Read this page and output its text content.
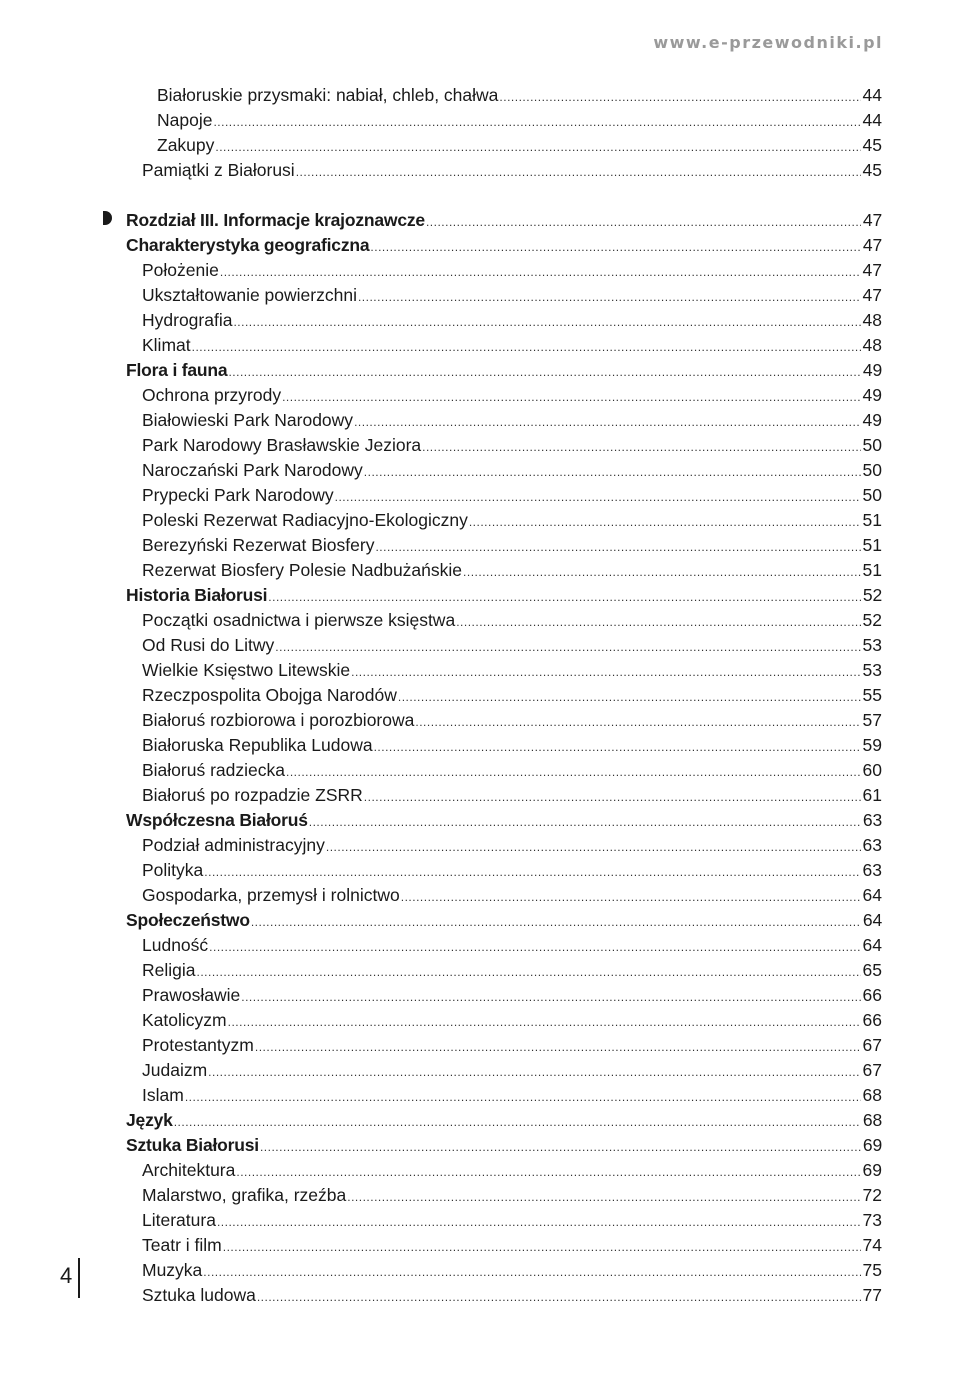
www.e-przewodniki.pl
Białoruskie przysmaki: nabiał, chleb, chałwa .....	44
Napoje .....	44
Zakupy .....	45
Pamiątki z Białorusi .....	45
Rozdział III. Informacje krajoznawcze .....	47
Charakterystyka geograficzna .....	47
Położenie .....	47
Ukształtowanie powierzchni .....	47
Hydrografia .....	48
Klimat .....	48
Flora i fauna .....	49
Ochrona przyrody .....	49
Białowieski Park Narodowy .....	49
Park Narodowy Brasławskie Jeziora .....	50
Naroczański Park Narodowy .....	50
Prypecki Park Narodowy .....	50
Poleski Rezerwat Radiacyjno-Ekologiczny .....	51
Berezyński Rezerwat Biosfery .....	51
Rezerwat Biosfery Polesie Nadbużańskie .....	51
Historia Białorusi .....	52
Początki osadnictwa i pierwsze księstwa .....	52
Od Rusi do Litwy .....	53
Wielkie Księstwo Litewskie .....	53
Rzeczpospolita Obojga Narodów .....	55
Białoruś rozbiorowa i porozbiorowa .....	57
Białoruska Republika Ludowa .....	59
Białoruś radziecka .....	60
Białoruś po rozpadzie ZSRR .....	61
Współczesna Białoruś .....	63
Podział administracyjny .....	63
Polityka .....	63
Gospodarka, przemysł i rolnictwo .....	64
Społeczeństwo .....	64
Ludność .....	64
Religia .....	65
Prawosławie .....	66
Katolicyzm .....	66
Protestantyzm .....	67
Judaizm .....	67
Islam .....	68
Język .....	68
Sztuka Białorusi .....	69
Architektura .....	69
Malarstwo, grafika, rzeźba .....	72
Literatura .....	73
Teatr i film .....	74
Muzyka .....	75
Sztuka ludowa .....	77
4
